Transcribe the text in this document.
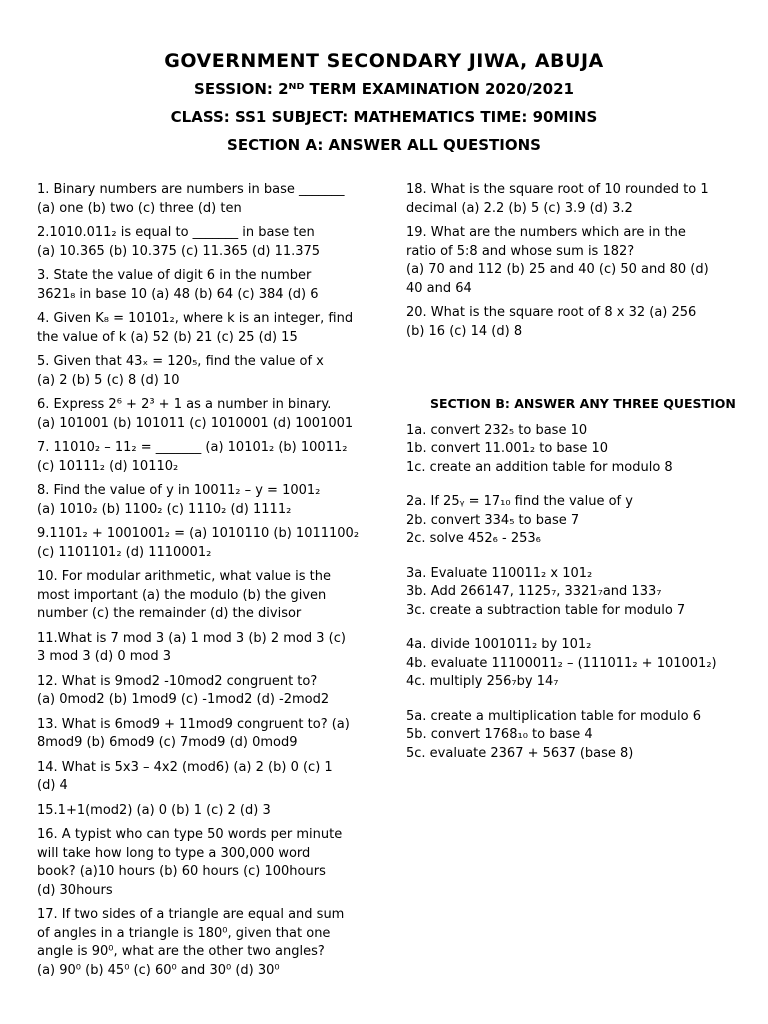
GOVERNMENT SECONDARY JIWA, ABUJA
SESSION: 2ᴺᴰ TERM EXAMINATION 2020/2021
CLASS: SS1 SUBJECT: MATHEMATICS TIME: 90MINS
SECTION A: ANSWER ALL QUESTIONS
1. Binary numbers are numbers in base _______
(a) one (b) two (c) three (d) ten
2.1010.011₂ is equal to _______ in base ten
(a) 10.365 (b) 10.375 (c) 11.365 (d) 11.375
3. State the value of digit 6 in the number
3621₈ in base 10 (a) 48 (b) 64 (c) 384 (d) 6
4. Given K₈ = 10101₂, where k is an integer, find
the value of k (a) 52 (b) 21 (c) 25 (d) 15
5. Given that 43ₓ = 120₅, find the value of x
(a) 2 (b) 5 (c) 8 (d) 10
6. Express 2⁶ + 2³ + 1 as a number in binary.
(a) 101001 (b) 101011 (c) 1010001 (d) 1001001
7. 11010₂ – 11₂ = _______ (a) 10101₂ (b) 10011₂
(c) 10111₂ (d) 10110₂
8. Find the value of y in 10011₂ – y = 1001₂
(a) 1010₂ (b) 1100₂ (c) 1110₂ (d) 1111₂
9.1101₂ + 1001001₂ = (a) 1010110 (b) 1011100₂
(c) 1101101₂ (d) 1110001₂
10. For modular arithmetic, what value is the
most important (a) the modulo (b) the given
number (c) the remainder (d) the divisor
11.What is 7 mod 3 (a) 1 mod 3 (b) 2 mod 3 (c)
3 mod 3 (d) 0 mod 3
12. What is 9mod2 -10mod2 congruent to?
(a) 0mod2 (b) 1mod9 (c) -1mod2 (d) -2mod2
13. What is 6mod9 + 11mod9 congruent to? (a)
8mod9 (b) 6mod9 (c) 7mod9 (d) 0mod9
14. What is 5x3 – 4x2 (mod6) (a) 2 (b) 0 (c) 1
(d) 4
15.1+1(mod2) (a) 0 (b) 1 (c) 2 (d) 3
16. A typist who can type 50 words per minute
will take how long to type a 300,000 word
book? (a)10 hours (b) 60 hours (c) 100hours
(d) 30hours
17. If two sides of a triangle are equal and sum
of angles in a triangle is 180⁰, given that one
angle is 90⁰, what are the other two angles?
(a) 90⁰ (b) 45⁰ (c) 60⁰ and 30⁰ (d) 30⁰
18. What is the square root of 10 rounded to 1
decimal (a) 2.2 (b) 5 (c) 3.9 (d) 3.2
19. What are the numbers which are in the
ratio of 5:8 and whose sum is 182?
(a) 70 and 112 (b) 25 and 40 (c) 50 and 80 (d)
40 and 64
20. What is the square root of 8 x 32 (a) 256
(b) 16 (c) 14 (d) 8
SECTION B: ANSWER ANY THREE QUESTION
1a. convert 232₅ to base 10
1b. convert 11.001₂ to base 10
1c. create an addition table for modulo 8
2a. If 25ᵧ = 17₁₀ find the value of y
2b. convert 334₅ to base 7
2c. solve 452₆ - 253₆
3a. Evaluate 110011₂ x 101₂
3b. Add 266147, 1125₇, 3321₇and 133₇
3c. create a subtraction table for modulo 7
4a. divide 1001011₂ by 101₂
4b. evaluate 11100011₂ – (111011₂ + 101001₂)
4c. multiply 256₇by 14₇
5a. create a multiplication table for modulo 6
5b. convert 1768₁₀ to base 4
5c. evaluate 2367 + 5637 (base 8)
